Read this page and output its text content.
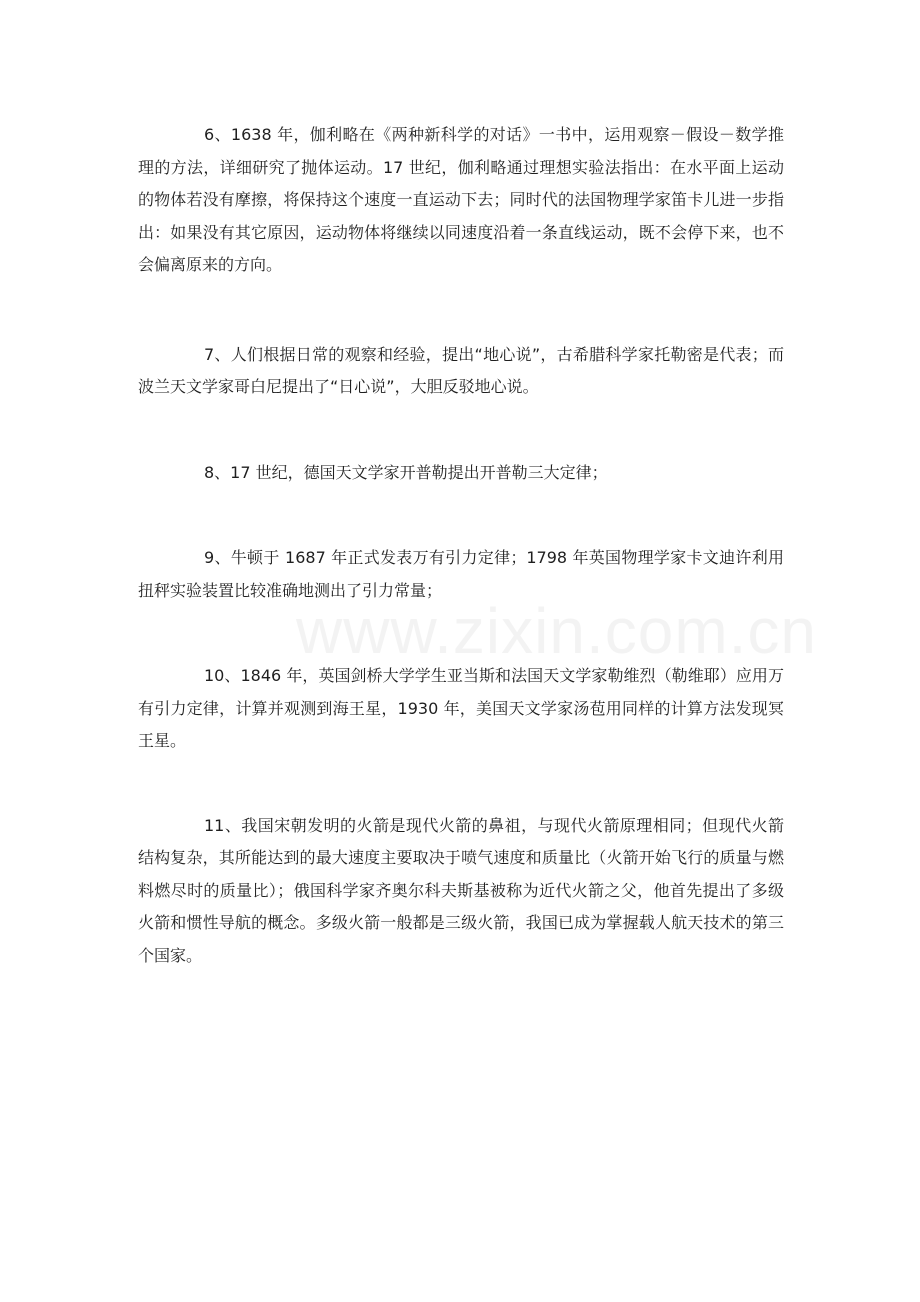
6、1638 年，伽利略在《两种新科学的对话》一书中，运用观察－假设－数学推理的方法，详细研究了抛体运动。17 世纪，伽利略通过理想实验法指出：在水平面上运动的物体若没有摩擦，将保持这个速度一直运动下去；同时代的法国物理学家笛卡儿进一步指出：如果没有其它原因，运动物体将继续以同速度沿着一条直线运动，既不会停下来，也不会偏离原来的方向。

7、人们根据日常的观察和经验，提出“地心说”，古希腊科学家托勒密是代表；而波兰天文学家哥白尼提出了“日心说”，大胆反驳地心说。

8、17 世纪，德国天文学家开普勒提出开普勒三大定律；

9、牛顿于 1687 年正式发表万有引力定律；1798 年英国物理学家卡文迪许利用扭秤实验装置比较准确地测出了引力常量；

10、1846 年，英国剑桥大学学生亚当斯和法国天文学家勒维烈（勒维耶）应用万有引力定律，计算并观测到海王星，1930 年，美国天文学家汤苞用同样的计算方法发现冥王星。

11、我国宋朝发明的火箭是现代火箭的鼻祖，与现代火箭原理相同；但现代火箭结构复杂，其所能达到的最大速度主要取决于喷气速度和质量比（火箭开始飞行的质量与燃料燃尽时的质量比）；俄国科学家齐奥尔科夫斯基被称为近代火箭之父，他首先提出了多级火箭和惯性导航的概念。多级火箭一般都是三级火箭，我国已成为掌握载人航天技术的第三个国家。

www.zixin.com.cn
